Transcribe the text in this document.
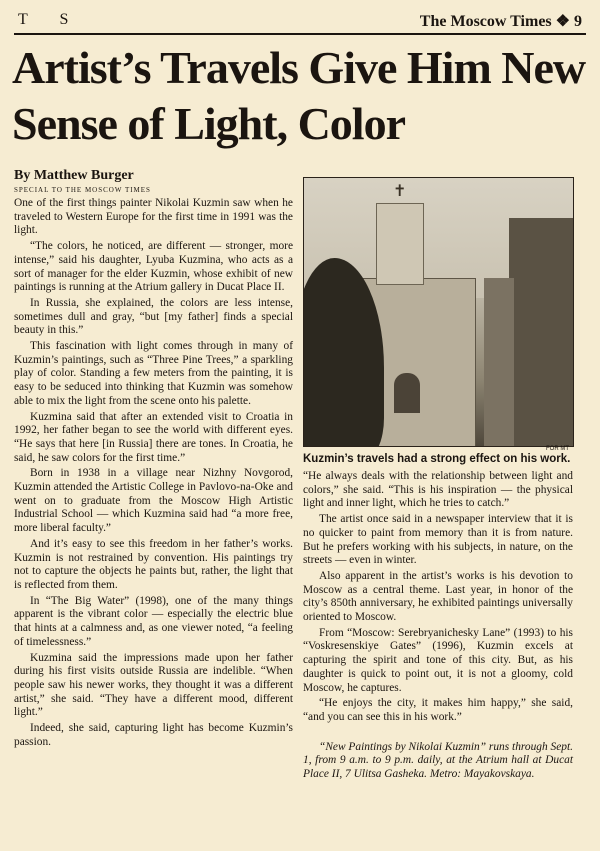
T S	The Moscow Times ❖ 9
Artist’s Travels Give Him New Sense of Light, Color
By Matthew Burger
SPECIAL TO THE MOSCOW TIMES

One of the first things painter Nikolai Kuzmin saw when he traveled to Western Europe for the first time in 1991 was the light.

“The colors, he noticed, are different — stronger, more intense,” said his daughter, Lyuba Kuzmina, who acts as a sort of manager for the elder Kuzmin, whose exhibit of new paintings is running at the Atrium gallery in Ducat Place II.

In Russia, she explained, the colors are less intense, sometimes dull and gray, “but [my father] finds a special beauty in this.”

This fascination with light comes through in many of Kuzmin’s paintings, such as “Three Pine Trees,” a sparkling play of color. Standing a few meters from the painting, it is easy to be seduced into thinking that Kuzmin was somehow able to mix the light from the scene onto his palette.

Kuzmina said that after an extended visit to Croatia in 1992, her father began to see the world with different eyes. “He says that here [in Russia] there are tones. In Croatia, he said, he saw colors for the first time.”

Born in 1938 in a village near Nizhny Novgorod, Kuzmin attended the Artistic College in Pavlovo-na-Oke and went on to graduate from the Moscow High Artistic Industrial School — which Kuzmina said had “a more free, more liberal faculty.”

And it’s easy to see this freedom in her father’s works. Kuzmin is not restrained by convention. His paintings try not to capture the objects he paints but, rather, the light that is reflected from them.

In “The Big Water” (1998), one of the many things apparent is the vibrant color — especially the electric blue that hints at a calmness and, as one viewer noted, “a feeling of timelessness.”

Kuzmina said the impressions made upon her father during his first visits outside Russia are indelible. “When people saw his newer works, they thought it was a different artist,” she said. “They have a different mood, different light.”

Indeed, she said, capturing light has become Kuzmin’s passion.

✝
FOR MT
Kuzmin’s travels had a strong effect on his work.

“He always deals with the relationship between light and colors,” she said. “This is his inspiration — the physical light and inner light, which he tries to catch.”

The artist once said in a newspaper interview that it is no quicker to paint from memory than it is from nature. But he prefers working with his subjects, in nature, on the streets — even in winter.

Also apparent in the artist’s works is his devotion to Moscow as a central theme. Last year, in honor of the city’s 850th anniversary, he exhibited paintings universally oriented to Moscow.

From “Moscow: Serebryanichesky Lane” (1993) to his “Voskresenskiye Gates” (1996), Kuzmin excels at capturing the spirit and tone of this city. But, as his daughter is quick to point out, it is not a gloomy, cold Moscow, he captures.

“He enjoys the city, it makes him happy,” she said, “and you can see this in his work.”

“New Paintings by Nikolai Kuzmin” runs through Sept. 1, from 9 a.m. to 9 p.m. daily, at the Atrium hall at Ducat Place II, 7 Ulitsa Gasheka. Metro: Mayakovskaya.
